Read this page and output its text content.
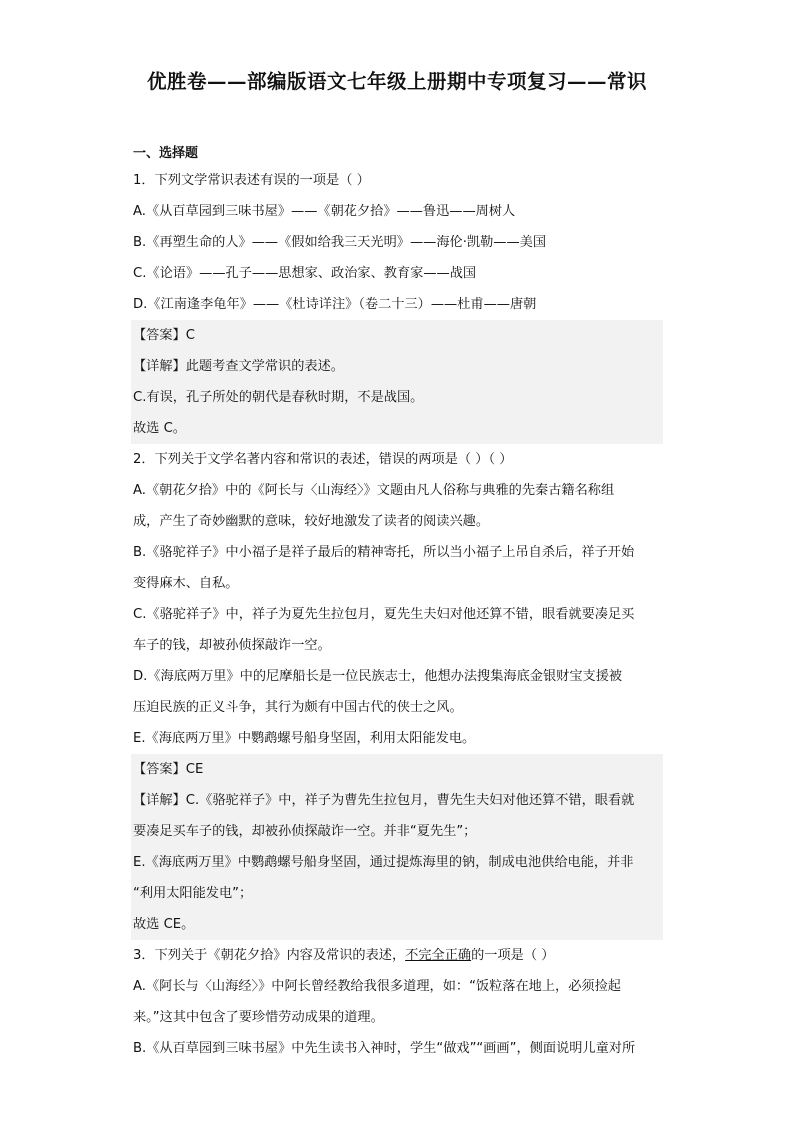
优胜卷——部编版语文七年级上册期中专项复习——常识
一、选择题
1．下列文学常识表述有误的一项是（ ）
A.《从百草园到三味书屋》——《朝花夕拾》——鲁迅——周树人
B.《再塑生命的人》——《假如给我三天光明》——海伦·凯勒——美国
C.《论语》——孔子——思想家、政治家、教育家——战国
D.《江南逢李龟年》——《杜诗详注》（卷二十三）——杜甫——唐朝
【答案】C
【详解】此题考查文学常识的表述。
C.有误，孔子所处的朝代是春秋时期，不是战国。
故选 C。
2．下列关于文学名著内容和常识的表述，错误的两项是（ ）（ ）
A.《朝花夕拾》中的《阿长与〈山海经〉》文题由凡人俗称与典雅的先秦古籍名称组
成，产生了奇妙幽默的意味，较好地激发了读者的阅读兴趣。
B.《骆驼祥子》中小福子是祥子最后的精神寄托，所以当小福子上吊自杀后，祥子开始
变得麻木、自私。
C.《骆驼祥子》中，祥子为夏先生拉包月，夏先生夫妇对他还算不错，眼看就要凑足买
车子的钱，却被孙侦探敲诈一空。
D.《海底两万里》中的尼摩船长是一位民族志士，他想办法搜集海底金银财宝支援被
压迫民族的正义斗争，其行为颇有中国古代的侠士之风。
E.《海底两万里》中鹦鹉螺号船身坚固，利用太阳能发电。
【答案】CE
【详解】C.《骆驼祥子》中，祥子为曹先生拉包月，曹先生夫妇对他还算不错，眼看就
要凑足买车子的钱，却被孙侦探敲诈一空。并非“夏先生”；
E.《海底两万里》中鹦鹉螺号船身坚固，通过提炼海里的钠，制成电池供给电能，并非
“利用太阳能发电”；
故选 CE。
3．下列关于《朝花夕拾》内容及常识的表述，不完全正确的一项是（ ）
A.《阿长与〈山海经〉》中阿长曾经教给我很多道理，如：“饭粒落在地上，必须捡起
来。”这其中包含了要珍惜劳动成果的道理。
B.《从百草园到三味书屋》中先生读书入神时，学生“做戏”“画画”，侧面说明儿童对所
